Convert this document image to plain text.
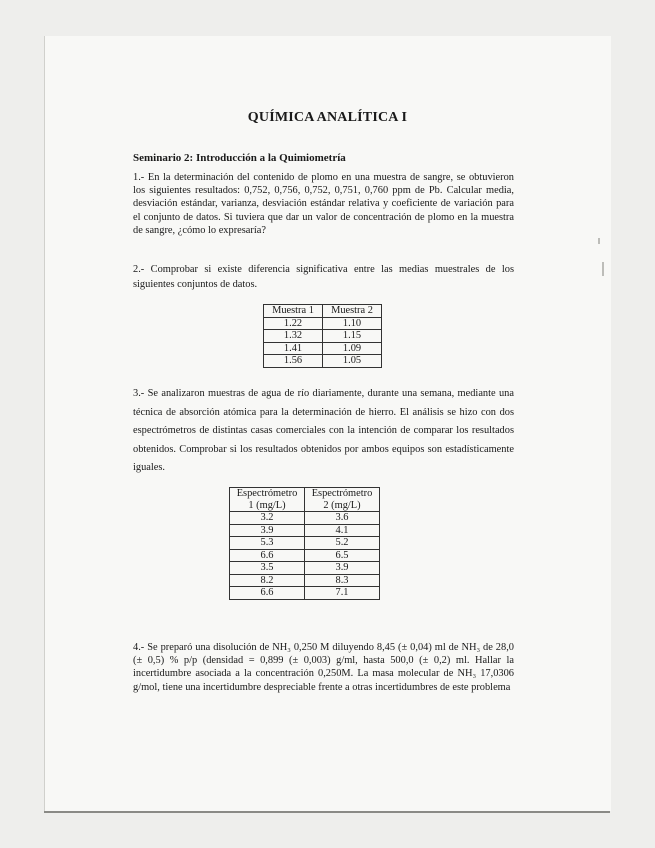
QUÍMICA ANALÍTICA I
Seminario 2: Introducción a la Quimiometría
1.- En la determinación del contenido de plomo en una muestra de sangre, se obtuvieron los siguientes resultados: 0,752, 0,756, 0,752, 0,751, 0,760 ppm de Pb. Calcular media, desviación estándar, varianza, desviación estándar relativa y coeficiente de variación para el conjunto de datos. Si tuviera que dar un valor de concentración de plomo en la muestra de sangre, ¿cómo lo expresaría?
2.- Comprobar si existe diferencia significativa entre las medias muestrales de los siguientes conjuntos de datos.
Muestra 1	Muestra 2
1.22	1.10
1.32	1.15
1.41	1.09
1.56	1.05
3.- Se analizaron muestras de agua de río diariamente, durante una semana, mediante una técnica de absorción atómica para la determinación de hierro. El análisis se hizo con dos espectrómetros de distintas casas comerciales con la intención de comparar los resultados obtenidos. Comprobar si los resultados obtenidos por ambos equipos son estadísticamente iguales.
Espectrómetro 1 (mg/L)	Espectrómetro 2 (mg/L)
3.2	3.6
3.9	4.1
5.3	5.2
6.6	6.5
3.5	3.9
8.2	8.3
6.6	7.1
4.- Se preparó una disolución de NH₃ 0,250 M diluyendo 8,45 (± 0,04) ml de NH₃ de 28,0 (± 0,5) % p/p (densidad = 0,899 (± 0,003) g/ml, hasta 500,0 (± 0,2) ml. Hallar la incertidumbre asociada a la concentración 0,250M. La masa molecular de NH₃ 17,0306 g/mol, tiene una incertidumbre despreciable frente a otras incertidumbres de este problema
